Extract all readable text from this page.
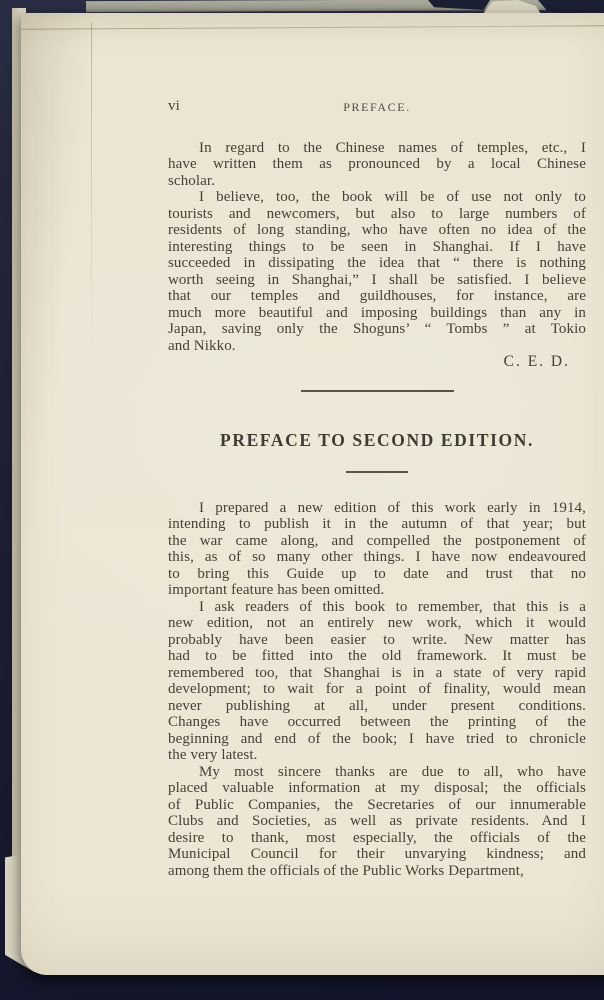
vi	PREFACE.
In regard to the Chinese names of temples, etc., I
have written them as pronounced by a local Chinese
scholar.
I believe, too, the book will be of use not only to
tourists and newcomers, but also to large numbers of
residents of long standing, who have often no idea of the
interesting things to be seen in Shanghai. If I have
succeeded in dissipating the idea that “ there is nothing
worth seeing in Shanghai,” I shall be satisfied. I believe
that our temples and guildhouses, for instance, are
much more beautiful and imposing buildings than any in
Japan, saving only the Shoguns’ “ Tombs ” at Tokio
and Nikko.
C. E. D.
PREFACE TO SECOND EDITION.
I prepared a new edition of this work early in 1914,
intending to publish it in the autumn of that year; but
the war came along, and compelled the postponement of
this, as of so many other things. I have now endeavoured
to bring this Guide up to date and trust that no
important feature has been omitted.
I ask readers of this book to remember, that this is a
new edition, not an entirely new work, which it would
probably have been easier to write. New matter has
had to be fitted into the old framework. It must be
remembered too, that Shanghai is in a state of very rapid
development; to wait for a point of finality, would mean
never publishing at all, under present conditions.
Changes have occurred between the printing of the
beginning and end of the book; I have tried to chronicle
the very latest.
My most sincere thanks are due to all, who have
placed valuable information at my disposal; the officials
of Public Companies, the Secretaries of our innumerable
Clubs and Societies, as well as private residents. And I
desire to thank, most especially, the officials of the
Municipal Council for their unvarying kindness; and
among them the officials of the Public Works Department,
